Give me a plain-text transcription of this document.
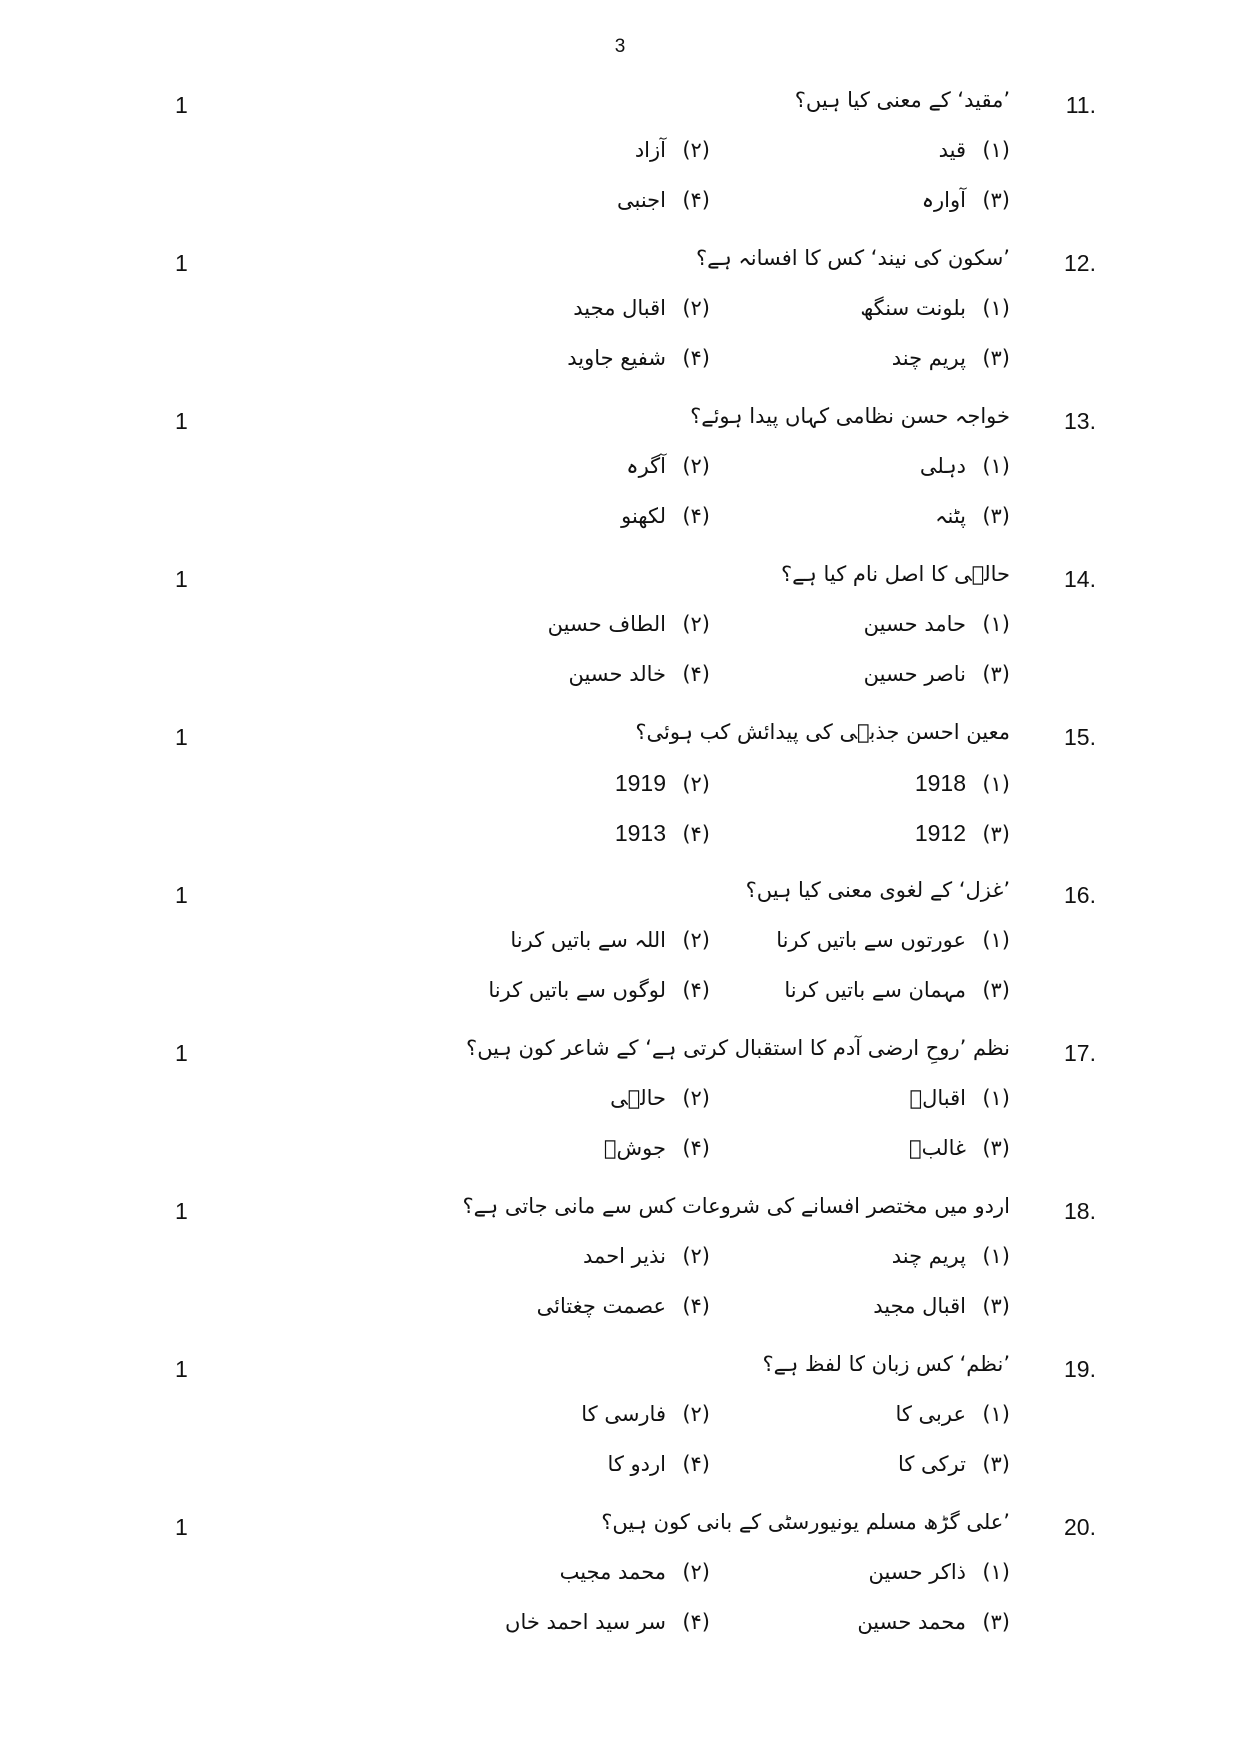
3
11.
’مقید‘ کے معنی کیا ہیں؟
1
(۱)
قید
(۲)
آزاد
(۳)
آوارہ
(۴)
اجنبی
12.
’سکون کی نیند‘ کس کا افسانہ ہے؟
1
(۱)
بلونت سنگھ
(۲)
اقبال مجید
(۳)
پریم چند
(۴)
شفیع جاوید
13.
خواجہ حسن نظامی کہاں پیدا ہوئے؟
1
(۱)
دہلی
(۲)
آگرہ
(۳)
پٹنہ
(۴)
لکھنو
14.
حالؔی کا اصل نام کیا ہے؟
1
(۱)
حامد حسین
(۲)
الطاف حسین
(۳)
ناصر حسین
(۴)
خالد حسین
15.
معین احسن جذبؔی کی پیدائش کب ہوئی؟
1
(۱)
1918
(۲)
1919
(۳)
1912
(۴)
1913
16.
’غزل‘ کے لغوی معنی کیا ہیں؟
1
(۱)
عورتوں سے باتیں کرنا
(۲)
اللہ سے باتیں کرنا
(۳)
مہمان سے باتیں کرنا
(۴)
لوگوں سے باتیں کرنا
17.
نظم ’روحِ ارضی آدم کا استقبال کرتی ہے‘ کے شاعر کون ہیں؟
1
(۱)
اقبالؔ
(۲)
حالؔی
(۳)
غالبؔ
(۴)
جوشؔ
18.
اردو میں مختصر افسانے کی شروعات کس سے مانی جاتی ہے؟
1
(۱)
پریم چند
(۲)
نذیر احمد
(۳)
اقبال مجید
(۴)
عصمت چغتائی
19.
’نظم‘ کس زبان کا لفظ ہے؟
1
(۱)
عربی کا
(۲)
فارسی کا
(۳)
ترکی کا
(۴)
اردو کا
20.
’علی گڑھ مسلم یونیورسٹی کے بانی کون ہیں؟
1
(۱)
ذاکر حسین
(۲)
محمد مجیب
(۳)
محمد حسین
(۴)
سر سید احمد خاں
